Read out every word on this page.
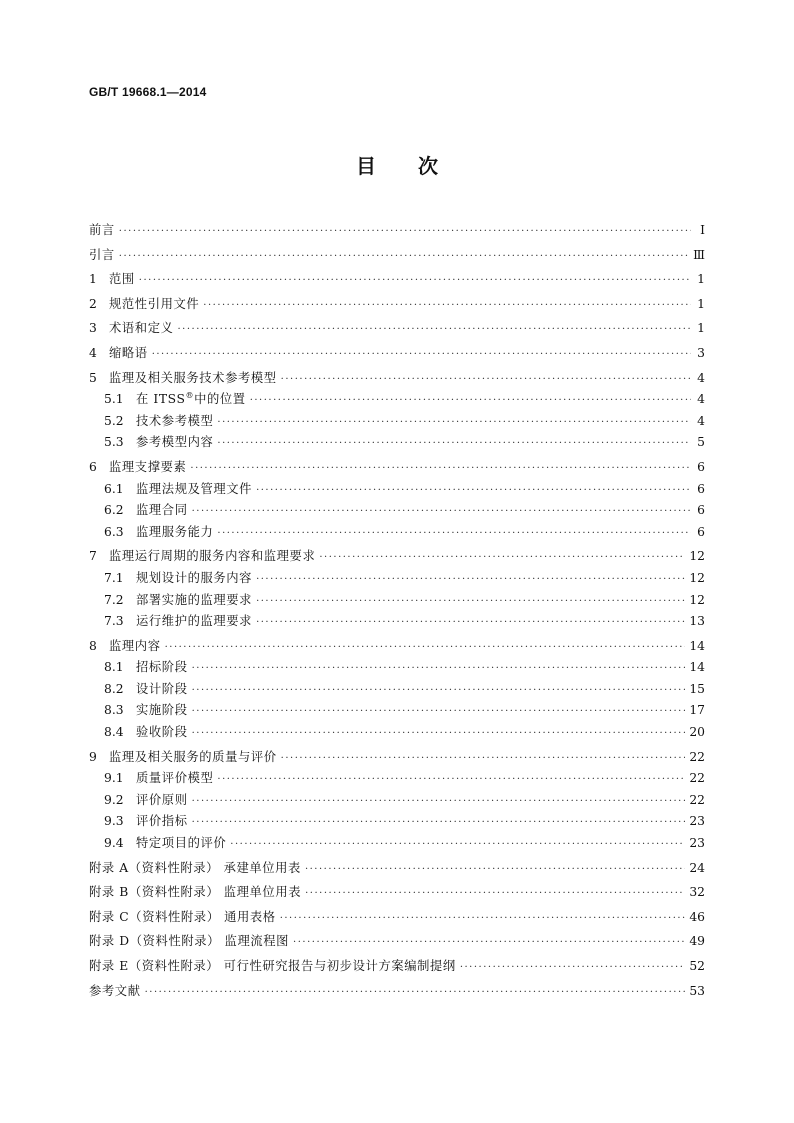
GB/T 19668.1—2014
目 次
前言 ·····	Ⅰ
引言 ·····	Ⅲ
1 范围 ·····	1
2 规范性引用文件 ·····	1
3 术语和定义 ·····	1
4 缩略语 ·····	3
5 监理及相关服务技术参考模型 ·····	4
5.1	在 ITSS®中的位置 ·····	4
5.2	技术参考模型 ·····	4
5.3	参考模型内容 ·····	5
6 监理支撑要素 ·····	6
6.1	监理法规及管理文件 ·····	6
6.2	监理合同 ·····	6
6.3	监理服务能力 ·····	6
7 监理运行周期的服务内容和监理要求 ·····	12
7.1	规划设计的服务内容 ·····	12
7.2	部署实施的监理要求 ·····	12
7.3	运行维护的监理要求 ·····	13
8 监理内容 ·····	14
8.1	招标阶段 ·····	14
8.2	设计阶段 ·····	15
8.3	实施阶段 ·····	17
8.4	验收阶段 ·····	20
9 监理及相关服务的质量与评价 ·····	22
9.1	质量评价模型 ·····	22
9.2	评价原则 ·····	22
9.3	评价指标 ·····	23
9.4	特定项目的评价 ·····	23
附录 A（资料性附录） 承建单位用表 ·····	24
附录 B（资料性附录） 监理单位用表 ·····	32
附录 C（资料性附录） 通用表格 ·····	46
附录 D（资料性附录） 监理流程图 ·····	49
附录 E（资料性附录） 可行性研究报告与初步设计方案编制提纲 ·····	52
参考文献 ·····	53
